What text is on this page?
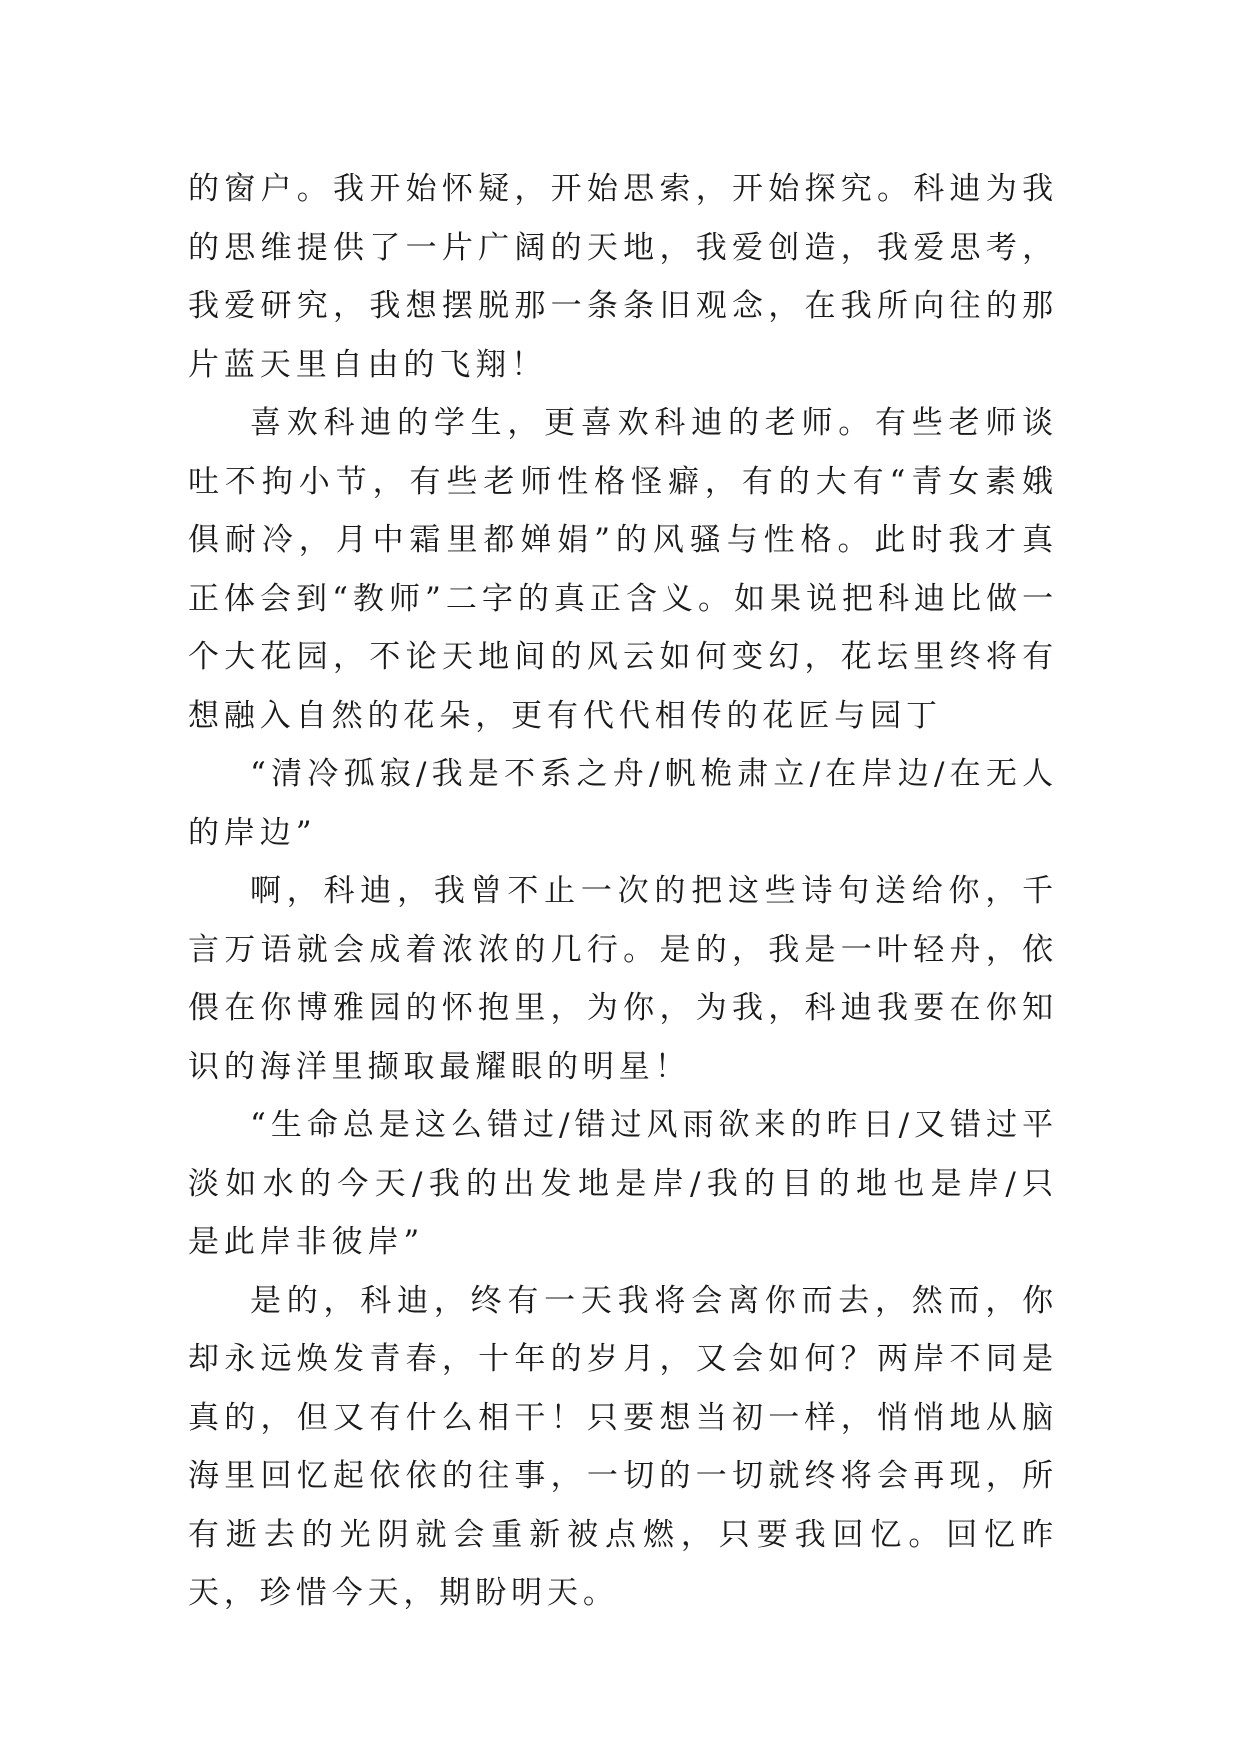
的窗户。我开始怀疑，开始思索，开始探究。科迪为我的思维提供了一片广阔的天地，我爱创造，我爱思考，我爱研究，我想摆脱那一条条旧观念，在我所向往的那片蓝天里自由的飞翔！

喜欢科迪的学生，更喜欢科迪的老师。有些老师谈吐不拘小节，有些老师性格怪癖，有的大有“青女素娥俱耐冷，月中霜里都婵娟”的风骚与性格。此时我才真正体会到“教师”二字的真正含义。如果说把科迪比做一个大花园，不论天地间的风云如何变幻，花坛里终将有想融入自然的花朵，更有代代相传的花匠与园丁

“清冷孤寂/我是不系之舟/帆桅肃立/在岸边/在无人的岸边”

啊，科迪，我曾不止一次的把这些诗句送给你，千言万语就会成着浓浓的几行。是的，我是一叶轻舟，依偎在你博雅园的怀抱里，为你，为我，科迪我要在你知识的海洋里撷取最耀眼的明星！

“生命总是这么错过/错过风雨欲来的昨日/又错过平淡如水的今天/我的出发地是岸/我的目的地也是岸/只是此岸非彼岸”

是的，科迪，终有一天我将会离你而去，然而，你却永远焕发青春，十年的岁月，又会如何？两岸不同是真的，但又有什么相干！只要想当初一样，悄悄地从脑海里回忆起依依的往事，一切的一切就终将会再现，所有逝去的光阴就会重新被点燃，只要我回忆。回忆昨天，珍惜今天，期盼明天。
